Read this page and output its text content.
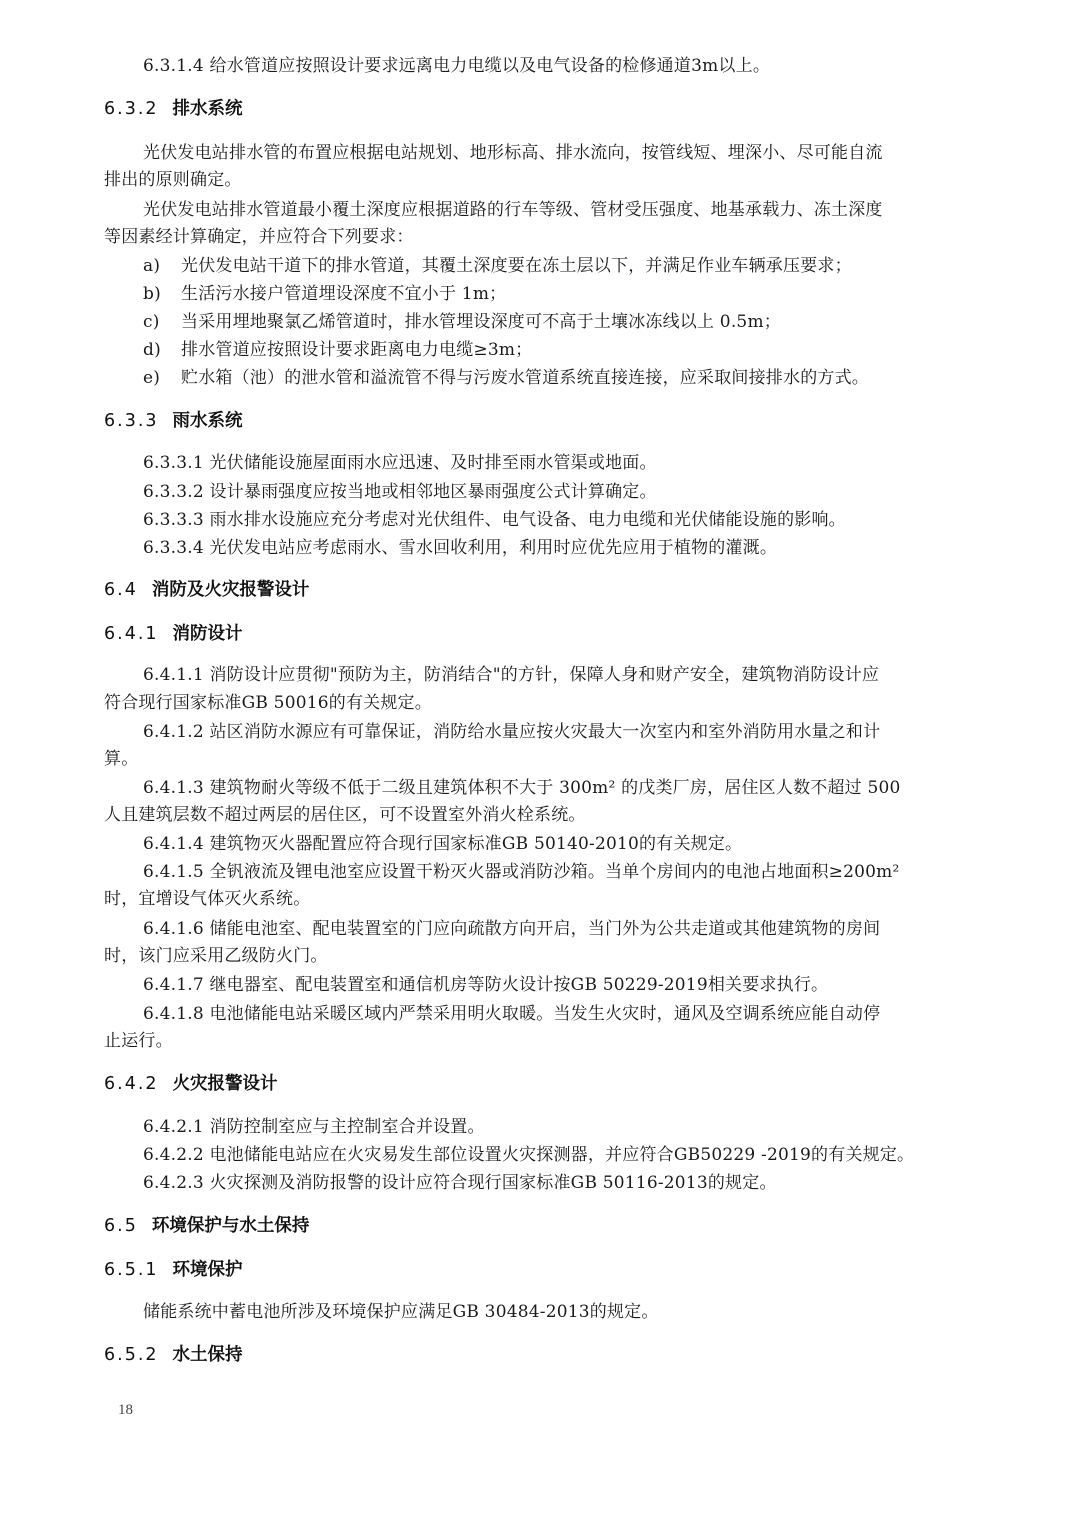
6.3.1.4 给水管道应按照设计要求远离电力电缆以及电气设备的检修通道3m以上。
6.3.2 排水系统
光伏发电站排水管的布置应根据电站规划、地形标高、排水流向，按管线短、埋深小、尽可能自流
排出的原则确定。
光伏发电站排水管道最小覆土深度应根据道路的行车等级、管材受压强度、地基承载力、冻土深度
等因素经计算确定，并应符合下列要求：
a) 光伏发电站干道下的排水管道，其覆土深度要在冻土层以下，并满足作业车辆承压要求；
b) 生活污水接户管道埋设深度不宜小于 1m；
c) 当采用埋地聚氯乙烯管道时，排水管埋设深度可不高于土壤冰冻线以上 0.5m；
d) 排水管道应按照设计要求距离电力电缆≥3m；
e) 贮水箱（池）的泄水管和溢流管不得与污废水管道系统直接连接，应采取间接排水的方式。
6.3.3 雨水系统
6.3.3.1 光伏储能设施屋面雨水应迅速、及时排至雨水管渠或地面。
6.3.3.2 设计暴雨强度应按当地或相邻地区暴雨强度公式计算确定。
6.3.3.3 雨水排水设施应充分考虑对光伏组件、电气设备、电力电缆和光伏储能设施的影响。
6.3.3.4 光伏发电站应考虑雨水、雪水回收利用，利用时应优先应用于植物的灌溉。
6.4 消防及火灾报警设计
6.4.1 消防设计
6.4.1.1 消防设计应贯彻"预防为主，防消结合"的方针，保障人身和财产安全，建筑物消防设计应
符合现行国家标准GB 50016的有关规定。
6.4.1.2 站区消防水源应有可靠保证，消防给水量应按火灾最大一次室内和室外消防用水量之和计
算。
6.4.1.3 建筑物耐火等级不低于二级且建筑体积不大于 300m² 的戊类厂房，居住区人数不超过 500
人且建筑层数不超过两层的居住区，可不设置室外消火栓系统。
6.4.1.4 建筑物灭火器配置应符合现行国家标准GB 50140-2010的有关规定。
6.4.1.5 全钒液流及锂电池室应设置干粉灭火器或消防沙箱。当单个房间内的电池占地面积≥200m²
时，宜增设气体灭火系统。
6.4.1.6 储能电池室、配电装置室的门应向疏散方向开启，当门外为公共走道或其他建筑物的房间
时，该门应采用乙级防火门。
6.4.1.7 继电器室、配电装置室和通信机房等防火设计按GB 50229-2019相关要求执行。
6.4.1.8 电池储能电站采暖区域内严禁采用明火取暖。当发生火灾时，通风及空调系统应能自动停
止运行。
6.4.2 火灾报警设计
6.4.2.1 消防控制室应与主控制室合并设置。
6.4.2.2 电池储能电站应在火灾易发生部位设置火灾探测器，并应符合GB50229 -2019的有关规定。
6.4.2.3 火灾探测及消防报警的设计应符合现行国家标准GB 50116-2013的规定。
6.5 环境保护与水土保持
6.5.1 环境保护
储能系统中蓄电池所涉及环境保护应满足GB 30484-2013的规定。
6.5.2 水土保持
18
